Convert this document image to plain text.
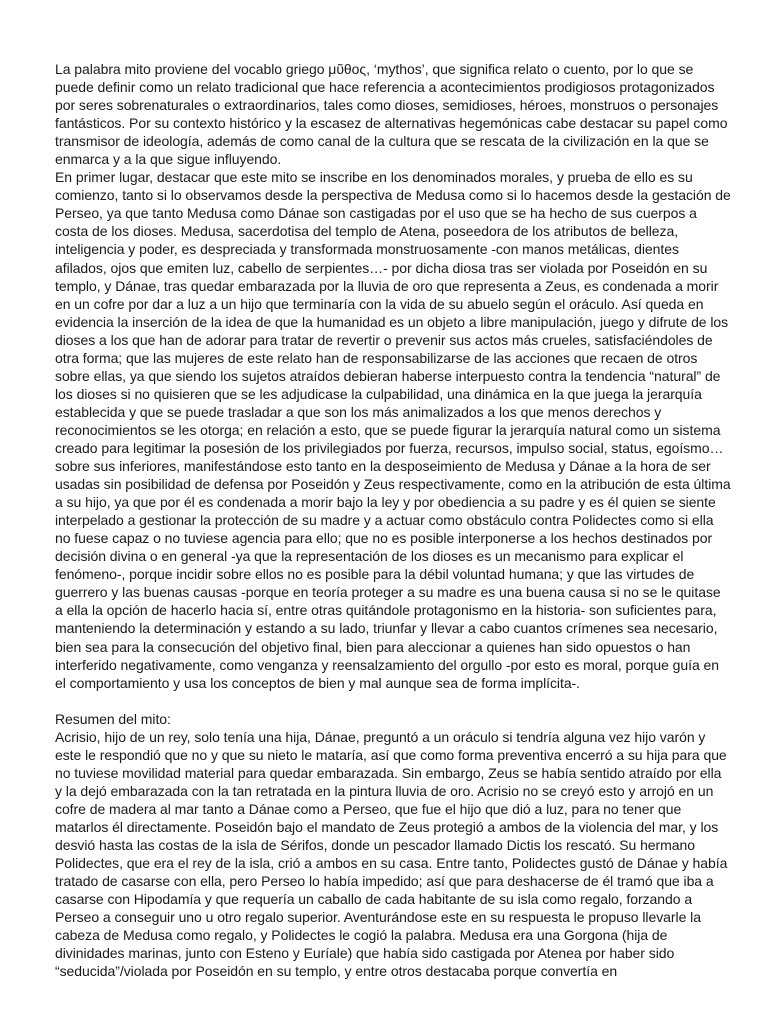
La palabra mito proviene del vocablo griego μῦθος, ‘mythos’, que significa relato o cuento, por lo que se puede definir como un relato tradicional que hace referencia a acontecimientos prodigiosos protagonizados por seres sobrenaturales o extraordinarios, tales como dioses, semidioses, héroes, monstruos o personajes fantásticos. Por su contexto histórico y la escasez de alternativas hegemónicas cabe destacar su papel como transmisor de ideología, además de como canal de la cultura que se rescata de la civilización en la que se enmarca y a la que sigue influyendo.

En primer lugar, destacar que este mito se inscribe en los denominados morales, y prueba de ello es su comienzo, tanto si lo observamos desde la perspectiva de Medusa como si lo hacemos desde la gestación de Perseo, ya que tanto Medusa como Dánae son castigadas por el uso que se ha hecho de sus cuerpos a costa de los dioses. Medusa, sacerdotisa del templo de Atena, poseedora de los atributos de belleza, inteligencia y poder, es despreciada y transformada monstruosamente -con manos metálicas, dientes afilados, ojos que emiten luz, cabello de serpientes…- por dicha diosa tras ser violada por Poseidón en su templo, y Dánae, tras quedar embarazada por la lluvia de oro que representa a Zeus, es condenada a morir en un cofre por dar a luz a un hijo que terminaría con la vida de su abuelo según el oráculo. Así queda en evidencia la inserción de la idea de que la humanidad es un objeto a libre manipulación, juego y difrute de los dioses a los que han de adorar para tratar de revertir o prevenir sus actos más crueles, satisfaciéndoles de otra forma; que las mujeres de este relato han de responsabilizarse de las acciones que recaen de otros sobre ellas, ya que siendo los sujetos atraídos debieran haberse interpuesto contra la tendencia “natural” de los dioses si no quisieren que se les adjudicase la culpabilidad, una dinámica en la que juega la jerarquía establecida y que se puede trasladar a que son los más animalizados a los que menos derechos y reconocimientos se les otorga; en relación a esto, que se puede figurar la jerarquía natural como un sistema creado para legitimar la posesión de los privilegiados por fuerza, recursos, impulso social, status, egoísmo… sobre sus inferiores, manifestándose esto tanto en la desposeimiento de Medusa y Dánae a la hora de ser usadas sin posibilidad de defensa por Poseidón y Zeus respectivamente, como en la atribución de esta última a su hijo, ya que por él es condenada a morir bajo la ley y por obediencia a su padre y es él quien se siente interpelado a gestionar la protección de su madre y a actuar como obstáculo contra Polidectes como si ella no fuese capaz o no tuviese agencia para ello; que no es posible interponerse a los hechos destinados por decisión divina o en general -ya que la representación de los dioses es un mecanismo para explicar el fenómeno-, porque incidir sobre ellos no es posible para la débil voluntad humana; y que las virtudes de guerrero y las buenas causas -porque en teoría proteger a su madre es una buena causa si no se le quitase a ella la opción de hacerlo hacia sí, entre otras quitándole protagonismo en la historia- son suficientes para, manteniendo la determinación y estando a su lado, triunfar y llevar a cabo cuantos crímenes sea necesario, bien sea para la consecución del objetivo final, bien para aleccionar a quienes han sido opuestos o han interferido negativamente, como venganza y reensalzamiento del orgullo -por esto es moral, porque guía en el comportamiento y usa los conceptos de bien y mal aunque sea de forma implícita-.

Resumen del mito:

Acrisio, hijo de un rey, solo tenía una hija, Dánae, preguntó a un oráculo si tendría alguna vez hijo varón y este le respondió que no y que su nieto le mataría, así que como forma preventiva encerró a su hija para que no tuviese movilidad material para quedar embarazada. Sin embargo, Zeus se había sentido atraído por ella y la dejó embarazada con la tan retratada en la pintura lluvia de oro. Acrisio no se creyó esto y arrojó en un cofre de madera al mar tanto a Dánae como a Perseo, que fue el hijo que dió a luz, para no tener que matarlos él directamente. Poseidón bajo el mandato de Zeus protegió a ambos de la violencia del mar, y los desvió hasta las costas de la isla de Sérifos, donde un pescador llamado Dictis los rescató. Su hermano Polidectes, que era el rey de la isla, crió a ambos en su casa. Entre tanto, Polidectes gustó de Dánae y había tratado de casarse con ella, pero Perseo lo había impedido; así que para deshacerse de él tramó que iba a casarse con Hipodamía y que requería un caballo de cada habitante de su isla como regalo, forzando a Perseo a conseguir uno u otro regalo superior. Aventurándose este en su respuesta le propuso llevarle la cabeza de Medusa como regalo, y Polidectes le cogió la palabra. Medusa era una Gorgona (hija de divinidades marinas, junto con Esteno y Euríale) que había sido castigada por Atenea por haber sido “seducida”/violada por Poseidón en su templo, y entre otros destacaba porque convertía en
